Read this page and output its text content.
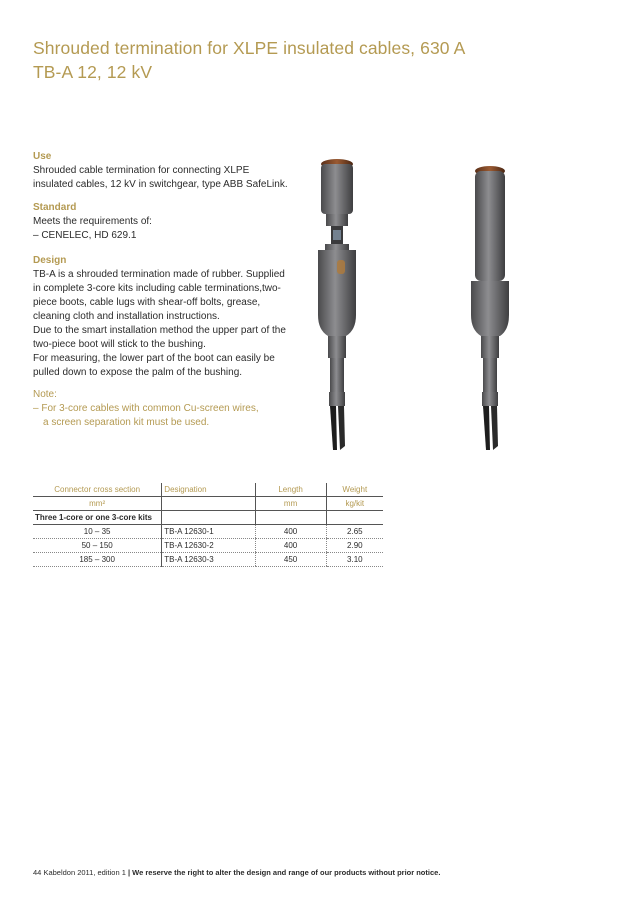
Shrouded termination for XLPE insulated cables, 630 A
TB-A 12, 12 kV
Use
Shrouded cable termination for connecting XLPE
insulated cables, 12 kV in switchgear, type ABB SafeLink.
Standard
Meets the requirements of:
– CENELEC, HD 629.1
Design
TB-A is a shrouded termination made of rubber. Supplied
in complete 3-core kits including cable terminations,two-
piece boots, cable lugs with shear-off bolts, grease,
cleaning cloth and installation instructions.
Due to the smart installation method the upper part of the
two-piece boot will stick to the bushing.
For measuring, the lower part of the boot can easily be
pulled down to expose the palm of the bushing.
Note:
– For 3-core cables with common Cu-screen wires,
a screen separation kit must be used.
Connector cross section	Designation	Length	Weight
mm²		mm	kg/kit
Three 1-core or one 3-core kits			
10 – 35	TB-A 12630-1	400	2.65
50 – 150	TB-A 12630-2	400	2.90
185 – 300	TB-A 12630-3	450	3.10
44 Kabeldon 2011, edition 1 | We reserve the right to alter the design and range of our products without prior notice.
